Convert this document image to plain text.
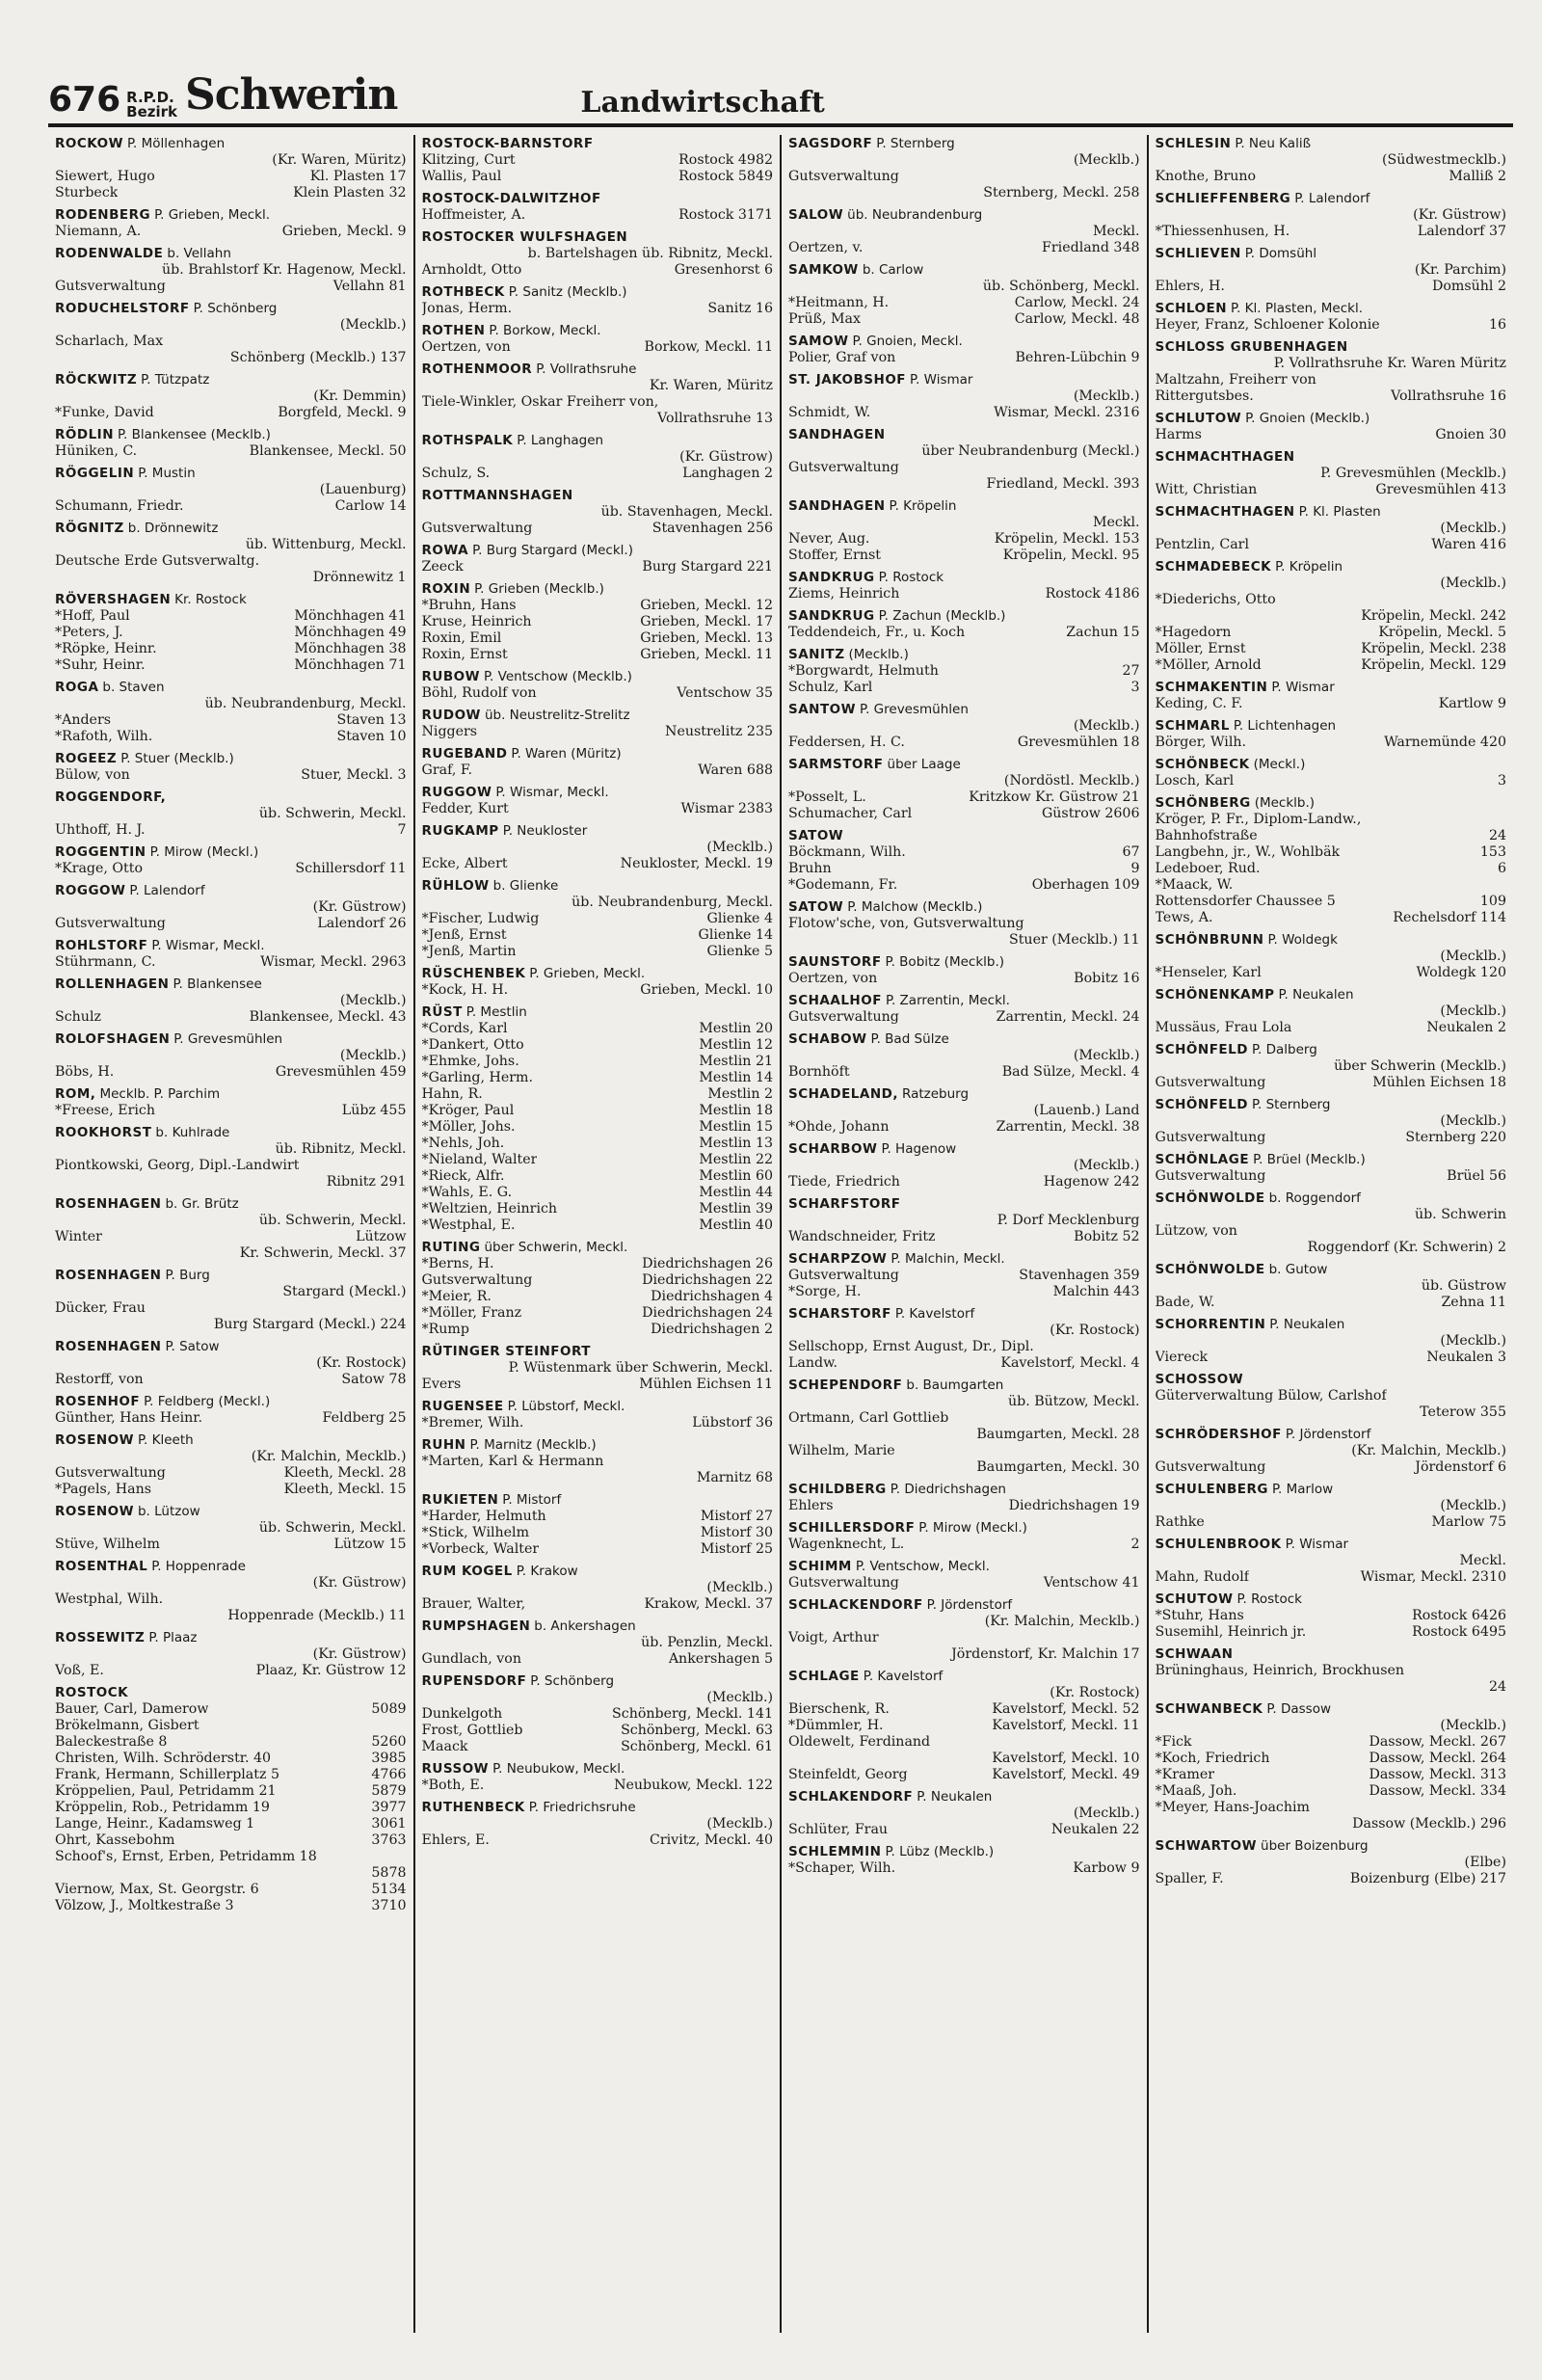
676 R.P.D.
Bezirk Schwerin	Landwirtschaft
ROCKOW P. Möllenhagen
(Kr. Waren, Müritz)
Siewert, Hugo	Kl. Plasten 17
Sturbeck	Klein Plasten 32
RODENBERG P. Grieben, Meckl.
Niemann, A.	Grieben, Meckl. 9
RODENWALDE b. Vellahn
üb. Brahlstorf Kr. Hagenow, Meckl.
Gutsverwaltung	Vellahn 81
RODUCHELSTORF P. Schönberg
(Mecklb.)
Scharlach, Max
Schönberg (Mecklb.) 137
RÖCKWITZ P. Tützpatz
(Kr. Demmin)
*Funke, David	Borgfeld, Meckl. 9
RÖDLIN P. Blankensee (Mecklb.)
Hüniken, C.	Blankensee, Meckl. 50
RÖGGELIN P. Mustin
(Lauenburg)
Schumann, Friedr.	Carlow 14
RÖGNITZ b. Drönnewitz
üb. Wittenburg, Meckl.
Deutsche Erde Gutsverwaltg.
Drönnewitz 1
RÖVERSHAGEN Kr. Rostock
*Hoff, Paul	Mönchhagen 41
*Peters, J.	Mönchhagen 49
*Röpke, Heinr.	Mönchhagen 38
*Suhr, Heinr.	Mönchhagen 71
ROGA b. Staven
üb. Neubrandenburg, Meckl.
*Anders	Staven 13
*Rafoth, Wilh.	Staven 10
ROGEEZ P. Stuer (Mecklb.)
Bülow, von	Stuer, Meckl. 3
ROGGENDORF,
üb. Schwerin, Meckl.
Uhthoff, H. J.	7
ROGGENTIN P. Mirow (Meckl.)
*Krage, Otto	Schillersdorf 11
ROGGOW P. Lalendorf
(Kr. Güstrow)
Gutsverwaltung	Lalendorf 26
ROHLSTORF P. Wismar, Meckl.
Stührmann, C.	Wismar, Meckl. 2963
ROLLENHAGEN P. Blankensee
(Mecklb.)
Schulz	Blankensee, Meckl. 43
ROLOFSHAGEN P. Grevesmühlen
(Mecklb.)
Böbs, H.	Grevesmühlen 459
ROM, Mecklb. P. Parchim
*Freese, Erich	Lübz 455
ROOKHORST b. Kuhlrade
üb. Ribnitz, Meckl.
Piontkowski, Georg, Dipl.-Landwirt
Ribnitz 291
ROSENHAGEN b. Gr. Brütz
üb. Schwerin, Meckl.
Winter	Lützow
Kr. Schwerin, Meckl. 37
ROSENHAGEN P. Burg
Stargard (Meckl.)
Dücker, Frau
Burg Stargard (Meckl.) 224
ROSENHAGEN P. Satow
(Kr. Rostock)
Restorff, von	Satow 78
ROSENHOF P. Feldberg (Meckl.)
Günther, Hans Heinr.	Feldberg 25
ROSENOW P. Kleeth
(Kr. Malchin, Mecklb.)
Gutsverwaltung	Kleeth, Meckl. 28
*Pagels, Hans	Kleeth, Meckl. 15
ROSENOW b. Lützow
üb. Schwerin, Meckl.
Stüve, Wilhelm	Lützow 15
ROSENTHAL P. Hoppenrade
(Kr. Güstrow)
Westphal, Wilh.
Hoppenrade (Mecklb.) 11
ROSSEWITZ P. Plaaz
(Kr. Güstrow)
Voß, E.	Plaaz, Kr. Güstrow 12
ROSTOCK
Bauer, Carl, Damerow	5089
Brökelmann, Gisbert
Baleckestraße 8	5260
Christen, Wilh. Schröderstr. 40	3985
Frank, Hermann, Schillerplatz 5	4766
Kröppelien, Paul, Petridamm 21	5879
Kröppelin, Rob., Petridamm 19	3977
Lange, Heinr., Kadamsweg 1	3061
Ohrt, Kassebohm	3763
Schoof's, Ernst, Erben, Petridamm 18
5878
Viernow, Max, St. Georgstr. 6	5134
Völzow, J., Moltkestraße 3	3710
ROSTOCK-BARNSTORF
Klitzing, Curt	Rostock 4982
Wallis, Paul	Rostock 5849
ROSTOCK-DALWITZHOF
Hoffmeister, A.	Rostock 3171
ROSTOCKER WULFSHAGEN
b. Bartelshagen üb. Ribnitz, Meckl.
Arnholdt, Otto	Gresenhorst 6
ROTHBECK P. Sanitz (Mecklb.)
Jonas, Herm.	Sanitz 16
ROTHEN P. Borkow, Meckl.
Oertzen, von	Borkow, Meckl. 11
ROTHENMOOR P. Vollrathsruhe
Kr. Waren, Müritz
Tiele-Winkler, Oskar Freiherr von,
Vollrathsruhe 13
ROTHSPALK P. Langhagen
(Kr. Güstrow)
Schulz, S.	Langhagen 2
ROTTMANNSHAGEN
üb. Stavenhagen, Meckl.
Gutsverwaltung	Stavenhagen 256
ROWA P. Burg Stargard (Meckl.)
Zeeck	Burg Stargard 221
ROXIN P. Grieben (Mecklb.)
*Bruhn, Hans	Grieben, Meckl. 12
Kruse, Heinrich	Grieben, Meckl. 17
Roxin, Emil	Grieben, Meckl. 13
Roxin, Ernst	Grieben, Meckl. 11
RUBOW P. Ventschow (Mecklb.)
Böhl, Rudolf von	Ventschow 35
RUDOW üb. Neustrelitz-Strelitz
Niggers	Neustrelitz 235
RUGEBAND P. Waren (Müritz)
Graf, F.	Waren 688
RUGGOW P. Wismar, Meckl.
Fedder, Kurt	Wismar 2383
RUGKAMP P. Neukloster
(Mecklb.)
Ecke, Albert	Neukloster, Meckl. 19
RÜHLOW b. Glienke
üb. Neubrandenburg, Meckl.
*Fischer, Ludwig	Glienke 4
*Jenß, Ernst	Glienke 14
*Jenß, Martin	Glienke 5
RÜSCHENBEK P. Grieben, Meckl.
*Kock, H. H.	Grieben, Meckl. 10
RÜST P. Mestlin
*Cords, Karl	Mestlin 20
*Dankert, Otto	Mestlin 12
*Ehmke, Johs.	Mestlin 21
*Garling, Herm.	Mestlin 14
Hahn, R.	Mestlin 2
*Kröger, Paul	Mestlin 18
*Möller, Johs.	Mestlin 15
*Nehls, Joh.	Mestlin 13
*Nieland, Walter	Mestlin 22
*Rieck, Alfr.	Mestlin 60
*Wahls, E. G.	Mestlin 44
*Weltzien, Heinrich	Mestlin 39
*Westphal, E.	Mestlin 40
RUTING über Schwerin, Meckl.
*Berns, H.	Diedrichshagen 26
Gutsverwaltung	Diedrichshagen 22
*Meier, R.	Diedrichshagen 4
*Möller, Franz	Diedrichshagen 24
*Rump	Diedrichshagen 2
RÜTINGER STEINFORT
P. Wüstenmark über Schwerin, Meckl.
Evers	Mühlen Eichsen 11
RUGENSEE P. Lübstorf, Meckl.
*Bremer, Wilh.	Lübstorf 36
RUHN P. Marnitz (Mecklb.)
*Marten, Karl & Hermann
Marnitz 68
RUKIETEN P. Mistorf
*Harder, Helmuth	Mistorf 27
*Stick, Wilhelm	Mistorf 30
*Vorbeck, Walter	Mistorf 25
RUM KOGEL P. Krakow
(Mecklb.)
Brauer, Walter,	Krakow, Meckl. 37
RUMPSHAGEN b. Ankershagen
üb. Penzlin, Meckl.
Gundlach, von	Ankershagen 5
RUPENSDORF P. Schönberg
(Mecklb.)
Dunkelgoth	Schönberg, Meckl. 141
Frost, Gottlieb	Schönberg, Meckl. 63
Maack	Schönberg, Meckl. 61
RUSSOW P. Neubukow, Meckl.
*Both, E.	Neubukow, Meckl. 122
RUTHENBECK P. Friedrichsruhe
(Mecklb.)
Ehlers, E.	Crivitz, Meckl. 40
SAGSDORF P. Sternberg
(Mecklb.)
Gutsverwaltung
Sternberg, Meckl. 258
SALOW üb. Neubrandenburg
Meckl.
Oertzen, v.	Friedland 348
SAMKOW b. Carlow
üb. Schönberg, Meckl.
*Heitmann, H.	Carlow, Meckl. 24
Prüß, Max	Carlow, Meckl. 48
SAMOW P. Gnoien, Meckl.
Polier, Graf von	Behren-Lübchin 9
ST. JAKOBSHOF P. Wismar
(Mecklb.)
Schmidt, W.	Wismar, Meckl. 2316
SANDHAGEN
über Neubrandenburg (Meckl.)
Gutsverwaltung
Friedland, Meckl. 393
SANDHAGEN P. Kröpelin
Meckl.
Never, Aug.	Kröpelin, Meckl. 153
Stoffer, Ernst	Kröpelin, Meckl. 95
SANDKRUG P. Rostock
Ziems, Heinrich	Rostock 4186
SANDKRUG P. Zachun (Mecklb.)
Teddendeich, Fr., u. Koch	Zachun 15
SANITZ (Mecklb.)
*Borgwardt, Helmuth	27
Schulz, Karl	3
SANTOW P. Grevesmühlen
(Mecklb.)
Feddersen, H. C.	Grevesmühlen 18
SARMSTORF über Laage
(Nordöstl. Mecklb.)
*Posselt, L.	Kritzkow Kr. Güstrow 21
Schumacher, Carl	Güstrow 2606
SATOW
Böckmann, Wilh.	67
Bruhn	9
*Godemann, Fr.	Oberhagen 109
SATOW P. Malchow (Mecklb.)
Flotow'sche, von, Gutsverwaltung
Stuer (Mecklb.) 11
SAUNSTORF P. Bobitz (Mecklb.)
Oertzen, von	Bobitz 16
SCHAALHOF P. Zarrentin, Meckl.
Gutsverwaltung	Zarrentin, Meckl. 24
SCHABOW P. Bad Sülze
(Mecklb.)
Bornhöft	Bad Sülze, Meckl. 4
SCHADELAND, Ratzeburg
(Lauenb.) Land
*Ohde, Johann	Zarrentin, Meckl. 38
SCHARBOW P. Hagenow
(Mecklb.)
Tiede, Friedrich	Hagenow 242
SCHARFSTORF
P. Dorf Mecklenburg
Wandschneider, Fritz	Bobitz 52
SCHARPZOW P. Malchin, Meckl.
Gutsverwaltung	Stavenhagen 359
*Sorge, H.	Malchin 443
SCHARSTORF P. Kavelstorf
(Kr. Rostock)
Sellschopp, Ernst August, Dr., Dipl.
Landw.	Kavelstorf, Meckl. 4
SCHEPENDORF b. Baumgarten
üb. Bützow, Meckl.
Ortmann, Carl Gottlieb
Baumgarten, Meckl. 28
Wilhelm, Marie
Baumgarten, Meckl. 30
SCHILDBERG P. Diedrichshagen
Ehlers	Diedrichshagen 19
SCHILLERSDORF P. Mirow (Meckl.)
Wagenknecht, L.	2
SCHIMM P. Ventschow, Meckl.
Gutsverwaltung	Ventschow 41
SCHLACKENDORF P. Jördenstorf
(Kr. Malchin, Mecklb.)
Voigt, Arthur
Jördenstorf, Kr. Malchin 17
SCHLAGE P. Kavelstorf
(Kr. Rostock)
Bierschenk, R.	Kavelstorf, Meckl. 52
*Dümmler, H.	Kavelstorf, Meckl. 11
Oldewelt, Ferdinand
Kavelstorf, Meckl. 10
Steinfeldt, Georg	Kavelstorf, Meckl. 49
SCHLAKENDORF P. Neukalen
(Mecklb.)
Schlüter, Frau	Neukalen 22
SCHLEMMIN P. Lübz (Mecklb.)
*Schaper, Wilh.	Karbow 9
SCHLESIN P. Neu Kaliß
(Südwestmecklb.)
Knothe, Bruno	Malliß 2
SCHLIEFFENBERG P. Lalendorf
(Kr. Güstrow)
*Thiessenhusen, H.	Lalendorf 37
SCHLIEVEN P. Domsühl
(Kr. Parchim)
Ehlers, H.	Domsühl 2
SCHLOEN P. Kl. Plasten, Meckl.
Heyer, Franz, Schloener Kolonie	16
SCHLOSS GRUBENHAGEN
P. Vollrathsruhe Kr. Waren Müritz
Maltzahn, Freiherr von
Rittergutsbes.	Vollrathsruhe 16
SCHLUTOW P. Gnoien (Mecklb.)
Harms	Gnoien 30
SCHMACHTHAGEN
P. Grevesmühlen (Mecklb.)
Witt, Christian	Grevesmühlen 413
SCHMACHTHAGEN P. Kl. Plasten
(Mecklb.)
Pentzlin, Carl	Waren 416
SCHMADEBECK P. Kröpelin
(Mecklb.)
*Diederichs, Otto
Kröpelin, Meckl. 242
*Hagedorn	Kröpelin, Meckl. 5
Möller, Ernst	Kröpelin, Meckl. 238
*Möller, Arnold	Kröpelin, Meckl. 129
SCHMAKENTIN P. Wismar
Keding, C. F.	Kartlow 9
SCHMARL P. Lichtenhagen
Börger, Wilh.	Warnemünde 420
SCHÖNBECK (Meckl.)
Losch, Karl	3
SCHÖNBERG (Mecklb.)
Kröger, P. Fr., Diplom-Landw.,
Bahnhofstraße	24
Langbehn, jr., W., Wohlbäk	153
Ledeboer, Rud.	6
*Maack, W.
Rottensdorfer Chaussee 5	109
Tews, A.	Rechelsdorf 114
SCHÖNBRUNN P. Woldegk
(Mecklb.)
*Henseler, Karl	Woldegk 120
SCHÖNENKAMP P. Neukalen
(Mecklb.)
Mussäus, Frau Lola	Neukalen 2
SCHÖNFELD P. Dalberg
über Schwerin (Mecklb.)
Gutsverwaltung	Mühlen Eichsen 18
SCHÖNFELD P. Sternberg
(Mecklb.)
Gutsverwaltung	Sternberg 220
SCHÖNLAGE P. Brüel (Mecklb.)
Gutsverwaltung	Brüel 56
SCHÖNWOLDE b. Roggendorf
üb. Schwerin
Lützow, von
Roggendorf (Kr. Schwerin) 2
SCHÖNWOLDE b. Gutow
üb. Güstrow
Bade, W.	Zehna 11
SCHORRENTIN P. Neukalen
(Mecklb.)
Viereck	Neukalen 3
SCHOSSOW
Güterverwaltung Bülow, Carlshof
Teterow 355
SCHRÖDERSHOF P. Jördenstorf
(Kr. Malchin, Mecklb.)
Gutsverwaltung	Jördenstorf 6
SCHULENBERG P. Marlow
(Mecklb.)
Rathke	Marlow 75
SCHULENBROOK P. Wismar
Meckl.
Mahn, Rudolf	Wismar, Meckl. 2310
SCHUTOW P. Rostock
*Stuhr, Hans	Rostock 6426
Susemihl, Heinrich jr.	Rostock 6495
SCHWAAN
Brüninghaus, Heinrich, Brockhusen
24
SCHWANBECK P. Dassow
(Mecklb.)
*Fick	Dassow, Meckl. 267
*Koch, Friedrich	Dassow, Meckl. 264
*Kramer	Dassow, Meckl. 313
*Maaß, Joh.	Dassow, Meckl. 334
*Meyer, Hans-Joachim
Dassow (Mecklb.) 296
SCHWARTOW über Boizenburg
(Elbe)
Spaller, F.	Boizenburg (Elbe) 217
